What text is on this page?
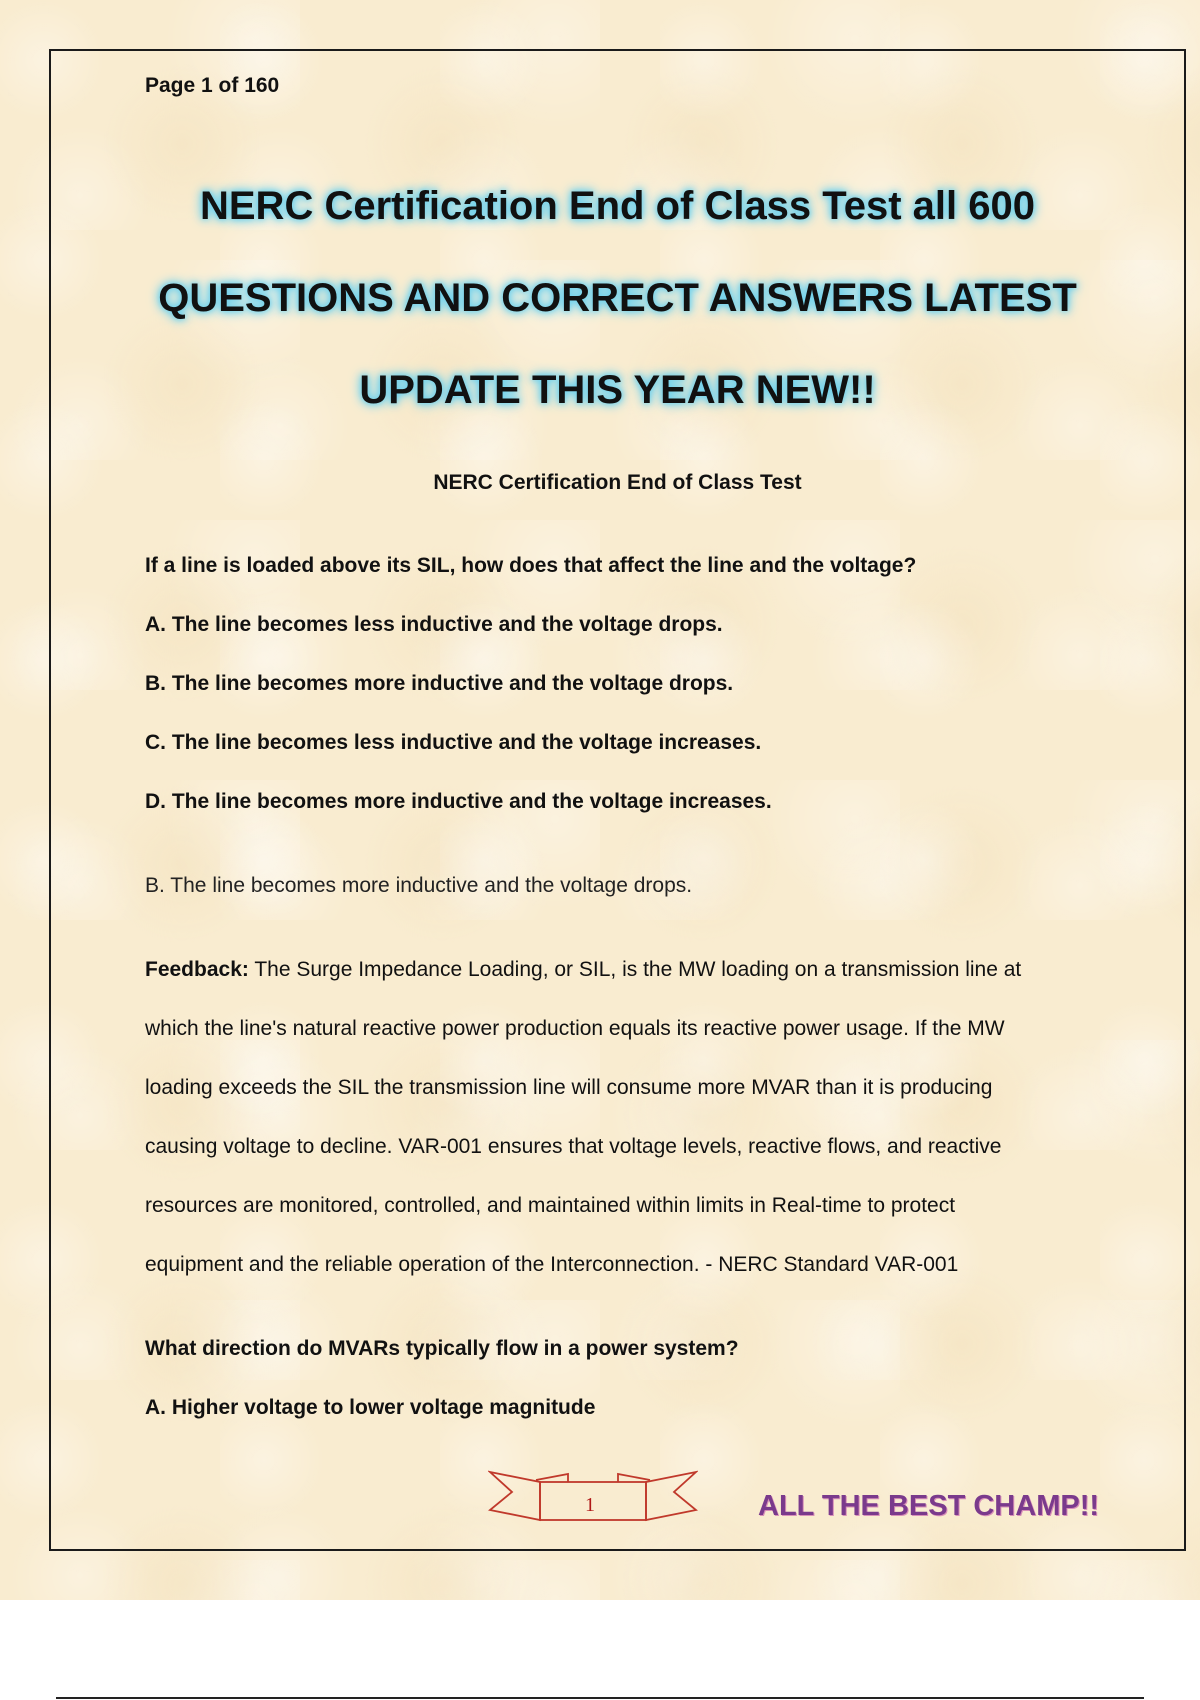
Page 1 of 160
NERC Certification End of Class Test all 600
QUESTIONS AND CORRECT ANSWERS LATEST
UPDATE THIS YEAR NEW!!
NERC Certification End of Class Test
If a line is loaded above its SIL, how does that affect the line and the voltage?
A. The line becomes less inductive and the voltage drops.
B. The line becomes more inductive and the voltage drops.
C. The line becomes less inductive and the voltage increases.
D. The line becomes more inductive and the voltage increases.
B. The line becomes more inductive and the voltage drops.
Feedback: The Surge Impedance Loading, or SIL, is the MW loading on a transmission line at
which the line's natural reactive power production equals its reactive power usage. If the MW
loading exceeds the SIL the transmission line will consume more MVAR than it is producing
causing voltage to decline. VAR-001 ensures that voltage levels, reactive flows, and reactive
resources are monitored, controlled, and maintained within limits in Real-time to protect
equipment and the reliable operation of the Interconnection. - NERC Standard VAR-001
What direction do MVARs typically flow in a power system?
A. Higher voltage to lower voltage magnitude
1	ALL THE BEST CHAMP!!
